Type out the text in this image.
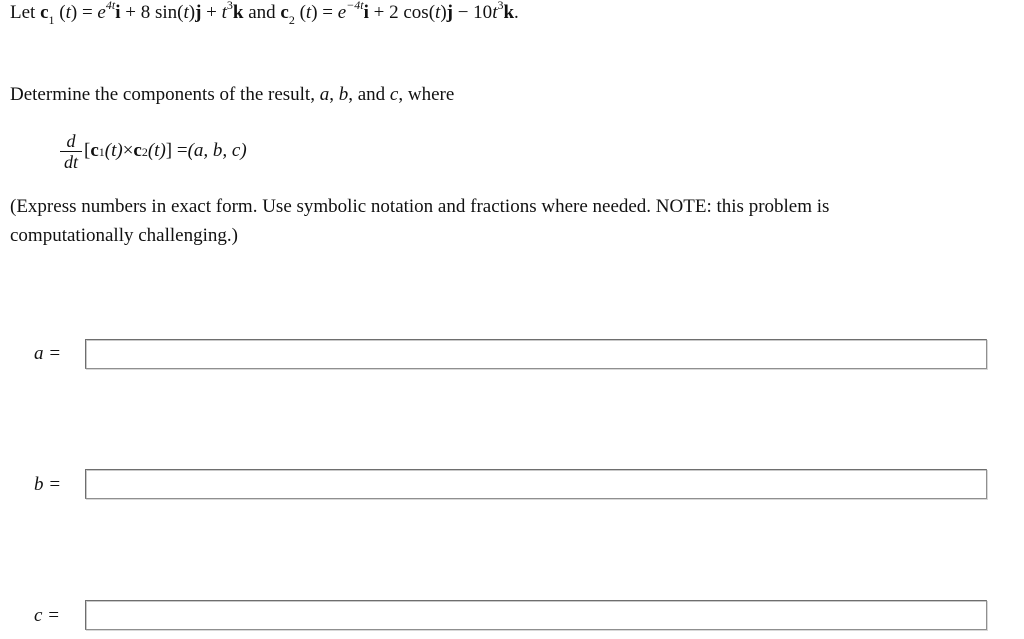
Let $c_1$ $(t) = e^{4t}i + 8$ $\sin(t)j + t^3k$ and $c_2$ $(t) = e^{-4t}i + 2$ $\cos(t)j - 10t^3k$.
Determine the components of the result, a, b, and c, where
$\frac{d}{dt}$ [ $c_1$ $(t) \times c_2$ (t) ] = (a, b, c)
(Express numbers in exact form. Use symbolic notation and fractions where needed. NOTE: this problem is
computationally challenging.)
a =
b =
c =
